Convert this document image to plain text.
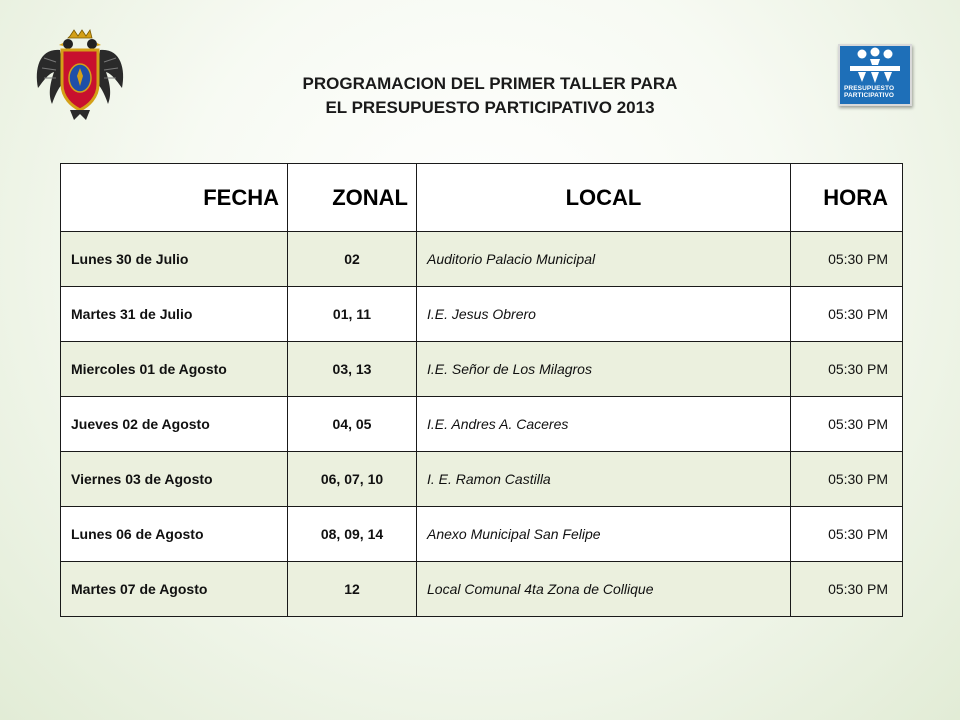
PROGRAMACION DEL PRIMER TALLER PARA
EL PRESUPUESTO PARTICIPATIVO 2013
PRESUPUESTO
PARTICIPATIVO
FECHA	ZONAL	LOCAL	HORA
Lunes 30 de Julio	02	Auditorio Palacio Municipal	05:30 PM
Martes 31 de Julio	01, 11	I.E. Jesus Obrero	05:30 PM
Miercoles 01 de Agosto	03, 13	I.E. Señor de Los Milagros	05:30 PM
Jueves 02 de Agosto	04, 05	I.E. Andres A. Caceres	05:30 PM
Viernes 03 de Agosto	06, 07, 10	I. E. Ramon Castilla	05:30 PM
Lunes 06 de Agosto	08, 09, 14	Anexo Municipal San Felipe	05:30 PM
Martes 07 de Agosto	12	Local Comunal 4ta Zona de Collique	05:30 PM
